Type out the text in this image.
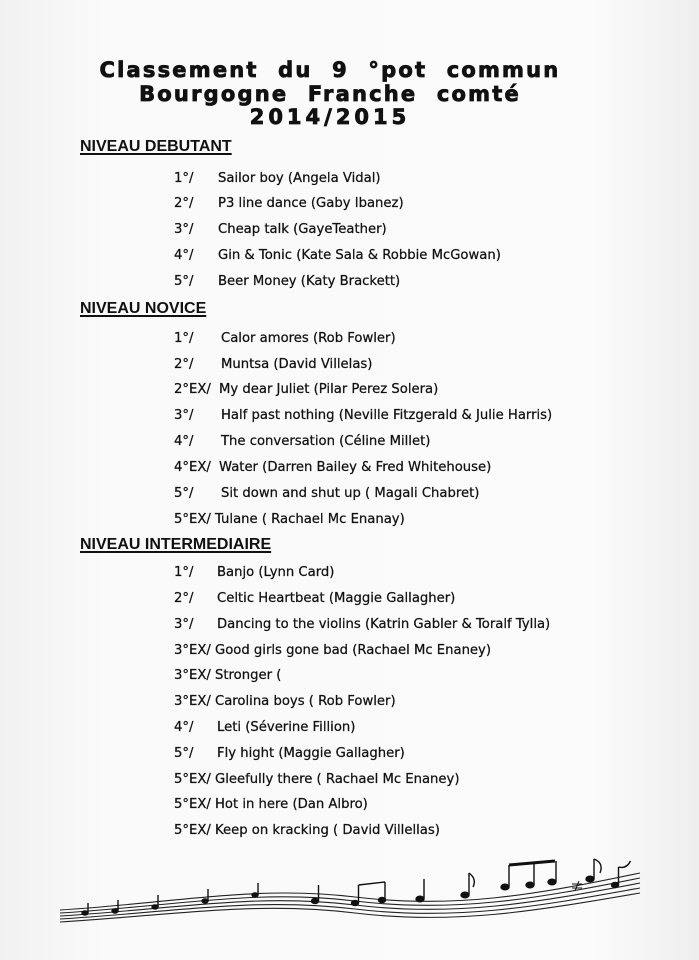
Classement du 9 °pot commun
Bourgogne Franche comté
2014/2015
NIVEAU DEBUTANT
1°/ Sailor boy (Angela Vidal)
2°/ P3 line dance (Gaby Ibanez)
3°/ Cheap talk (GayeTeather)
4°/ Gin & Tonic (Kate Sala & Robbie McGowan)
5°/ Beer Money (Katy Brackett)
NIVEAU NOVICE
1°/ Calor amores (Rob Fowler)
2°/ Muntsa (David Villelas)
2°EX/ My dear Juliet (Pilar Perez Solera)
3°/ Half past nothing (Neville Fitzgerald & Julie Harris)
4°/ The conversation (Céline Millet)
4°EX/ Water (Darren Bailey & Fred Whitehouse)
5°/ Sit down and shut up ( Magali Chabret)
5°EX/ Tulane ( Rachael Mc Enanay)
NIVEAU INTERMEDIAIRE
1°/ Banjo (Lynn Card)
2°/ Celtic Heartbeat (Maggie Gallagher)
3°/ Dancing to the violins (Katrin Gabler & Toralf Tylla)
3°EX/ Good girls gone bad (Rachael Mc Enaney)
3°EX/ Stronger (
3°EX/ Carolina boys ( Rob Fowler)
4°/ Leti (Séverine Fillion)
5°/ Fly hight (Maggie Gallagher)
5°EX/ Gleefully there ( Rachael Mc Enaney)
5°EX/ Hot in here (Dan Albro)
5°EX/ Keep on kracking ( David Villellas)
